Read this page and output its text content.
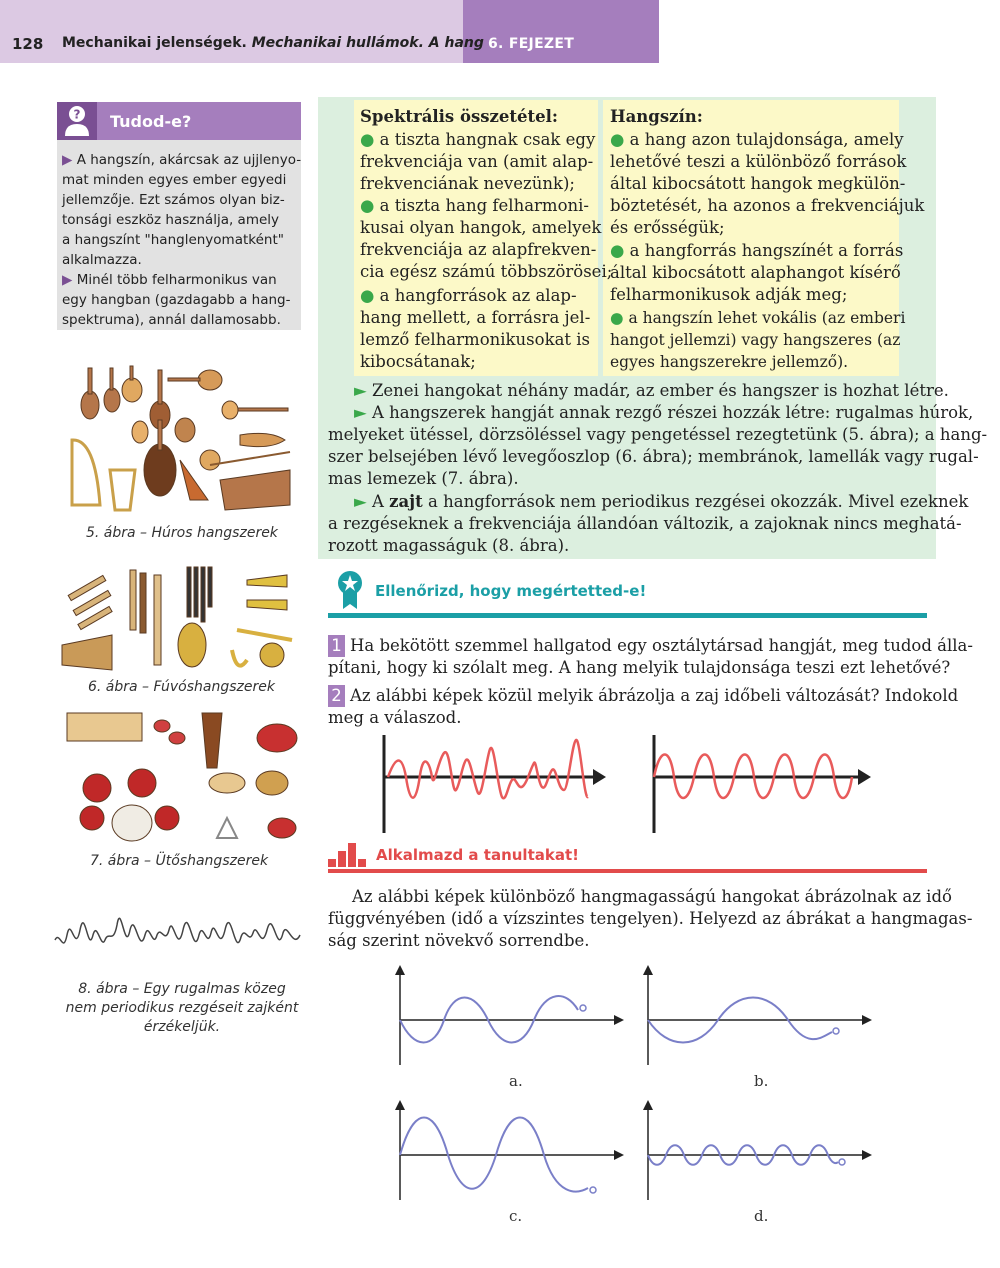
128 Mechanikai jelenségek. Mechanikai hullámok. A hang 6. FEJEZET
? Tudod-e?
▶ A hangszín, akárcsak az ujjlenyo-
mat minden egyes ember egyedi
jellemzője. Ezt számos olyan biz-
tonsági eszköz használja, amely
a hangszínt "hanglenyomatként"
alkalmazza.
▶ Minél több felharmonikus van
egy hangban (gazdagabb a hang-
spektruma), annál dallamosabb.
5. ábra – Húros hangszerek
6. ábra – Fúvóshangszerek
7. ábra – Ütőshangszerek
8. ábra – Egy rugalmas közeg
nem periodikus rezgéseit zajként
érzékeljük.
Spektrális összetétel:
● a tiszta hangnak csak egy
frekvenciája van (amit alap-
frekvenciának nevezünk);
● a tiszta hang felharmoni-
kusai olyan hangok, amelyek
frekvenciája az alapfrekven-
cia egész számú többszörösei;
● a hangforrások az alap-
hang mellett, a forrásra jel-
lemző felharmonikusokat is
kibocsátanak;
Hangszín:
● a hang azon tulajdonsága, amely
lehetővé teszi a különböző források
által kibocsátott hangok megkülön-
böztetését, ha azonos a frekvenciájuk
és erősségük;
● a hangforrás hangszínét a forrás
által kibocsátott alaphangot kísérő
felharmonikusok adják meg;
● a hangszín lehet vokális (az emberi
hangot jellemzi) vagy hangszeres (az
egyes hangszerekre jellemző).
► Zenei hangokat néhány madár, az ember és hangszer is hozhat létre.
► A hangszerek hangját annak rezgő részei hozzák létre: rugalmas húrok,
melyeket ütéssel, dörzsöléssel vagy pengetéssel rezegtetünk (5. ábra); a hang-
szer belsejében lévő levegőoszlop (6. ábra); membránok, lamellák vagy rugal-
mas lemezek (7. ábra).
► A zajt a hangforrások nem periodikus rezgései okozzák. Mivel ezeknek
a rezgéseknek a frekvenciája állandóan változik, a zajoknak nincs meghatá-
rozott magasságuk (8. ábra).
Ellenőrizd, hogy megértetted-e!
1 Ha bekötött szemmel hallgatod egy osztálytársad hangját, meg tudod álla-
pítani, hogy ki szólalt meg. A hang melyik tulajdonsága teszi ezt lehetővé?
2 Az alábbi képek közül melyik ábrázolja a zaj időbeli változását? Indokold
meg a válaszod.
Alkalmazd a tanultakat!
Az alábbi képek különböző hangmagasságú hangokat ábrázolnak az idő
függvényében (idő a vízszintes tengelyen). Helyezd az ábrákat a hangmagas-
ság szerint növekvő sorrendbe.
a.	b.
c.	d.
